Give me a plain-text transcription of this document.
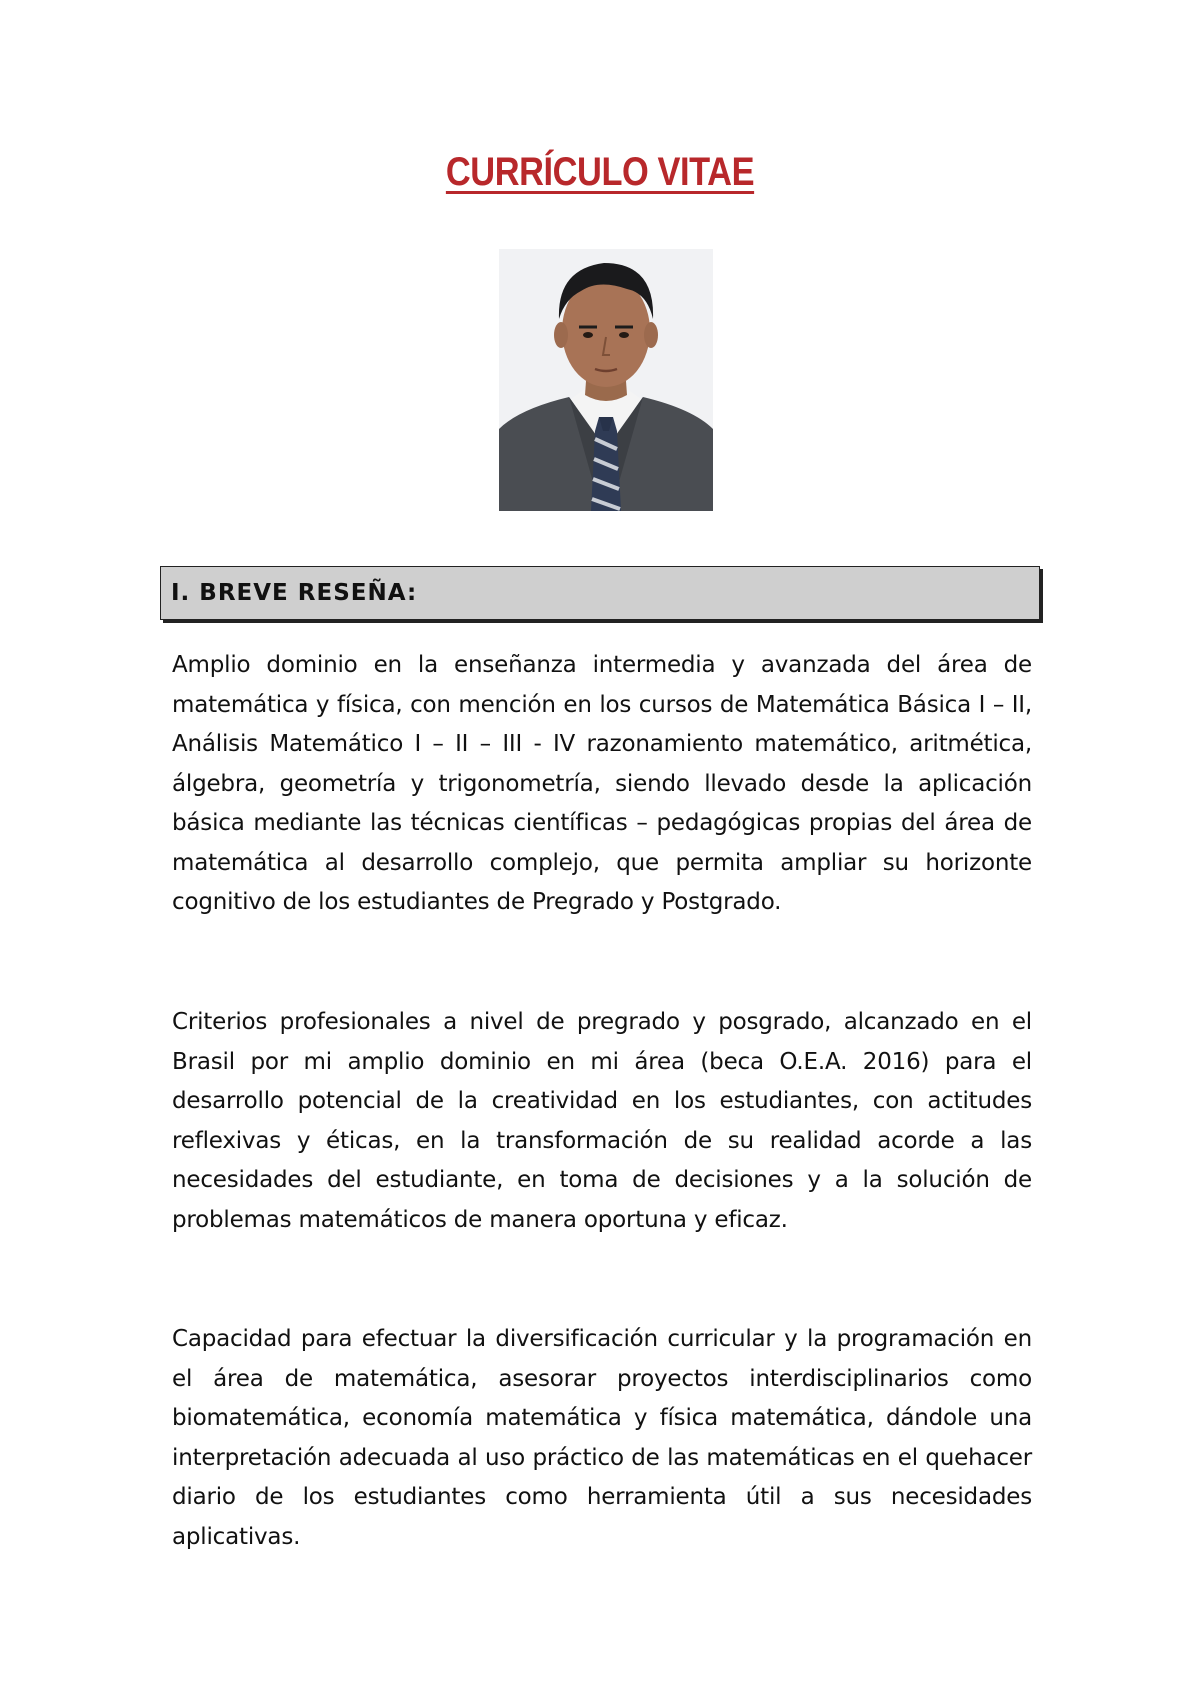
CURRÍCULO VITAE
I. BREVE RESEÑA:

Amplio dominio en la enseñanza intermedia y avanzada del área de matemática y física, con mención en los cursos de Matemática Básica I – II, Análisis Matemático I – II – III - IV razonamiento matemático, aritmética, álgebra, geometría y trigonometría, siendo llevado desde la aplicación básica mediante las técnicas científicas – pedagógicas propias del área de matemática al desarrollo complejo, que permita ampliar su horizonte cognitivo de los estudiantes de Pregrado y Postgrado.

Criterios profesionales a nivel de pregrado y posgrado, alcanzado en el Brasil por mi amplio dominio en mi área (beca O.E.A. 2016) para el desarrollo potencial de la creatividad en los estudiantes, con actitudes reflexivas y éticas, en la transformación de su realidad acorde a las necesidades del estudiante, en toma de decisiones y a la solución de problemas matemáticos de manera oportuna y eficaz.

Capacidad para efectuar la diversificación curricular y la programación en el área de matemática, asesorar proyectos interdisciplinarios como biomatemática, economía matemática y física matemática, dándole una interpretación adecuada al uso práctico de las matemáticas en el quehacer diario de los estudiantes como herramienta útil a sus necesidades aplicativas.
